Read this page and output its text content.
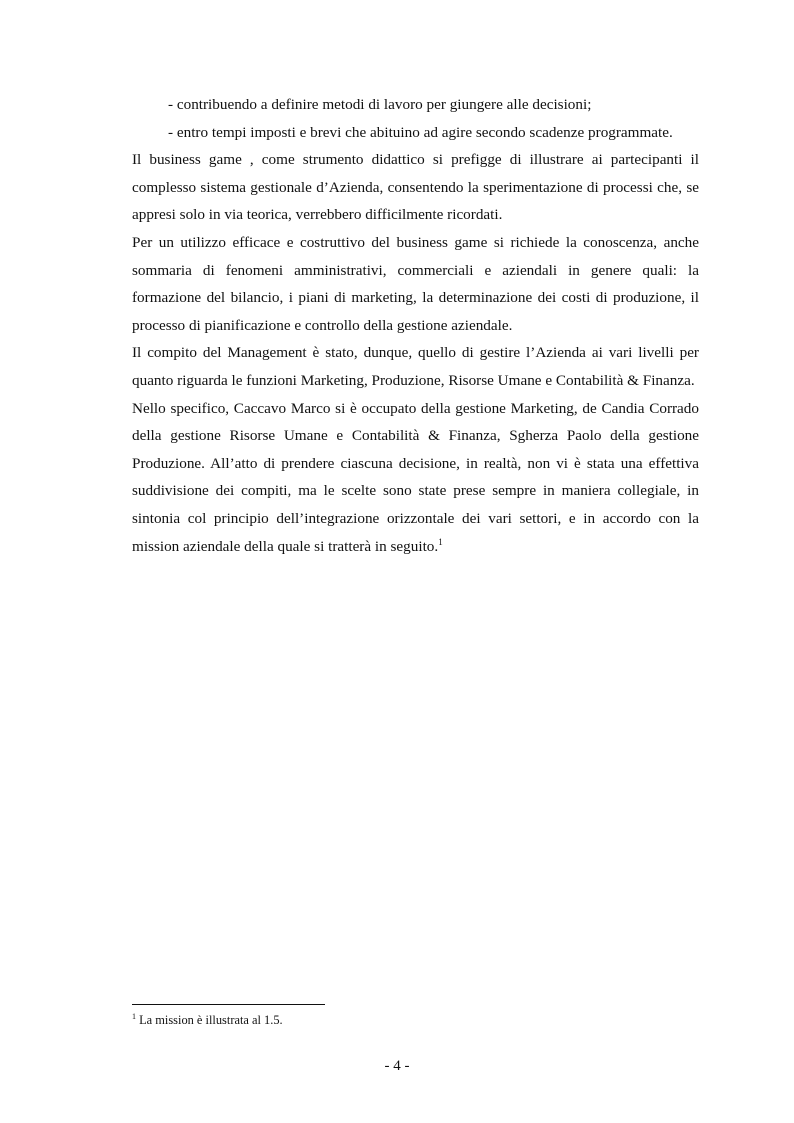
- contribuendo a definire metodi di lavoro per giungere alle decisioni;

- entro tempi imposti e brevi che abituino ad agire secondo scadenze programmate.

Il business game , come strumento didattico si prefigge di illustrare ai partecipanti il complesso sistema gestionale d’Azienda, consentendo la sperimentazione di processi che, se appresi solo in via teorica, verrebbero difficilmente ricordati.

Per un utilizzo efficace e costruttivo del business game si richiede la conoscenza, anche sommaria di fenomeni amministrativi, commerciali e aziendali in genere quali: la formazione del bilancio, i piani di marketing, la determinazione dei costi di produzione, il processo di pianificazione e controllo della gestione aziendale.

Il compito del Management è stato, dunque, quello di gestire l’Azienda ai vari livelli per quanto riguarda le funzioni Marketing, Produzione, Risorse Umane e Contabilità & Finanza.

Nello specifico, Caccavo Marco si è occupato della gestione Marketing, de Candia Corrado della gestione Risorse Umane e Contabilità & Finanza, Sgherza Paolo della gestione Produzione. All’atto di prendere ciascuna decisione, in realtà, non vi è stata una effettiva suddivisione dei compiti, ma le scelte sono state prese sempre in maniera collegiale, in sintonia col principio dell’integrazione orizzontale dei vari settori, e in accordo con la mission aziendale della quale si tratterà in seguito.$^1$

$^1$ La mission è illustrata al 1.5.
- 4 -
